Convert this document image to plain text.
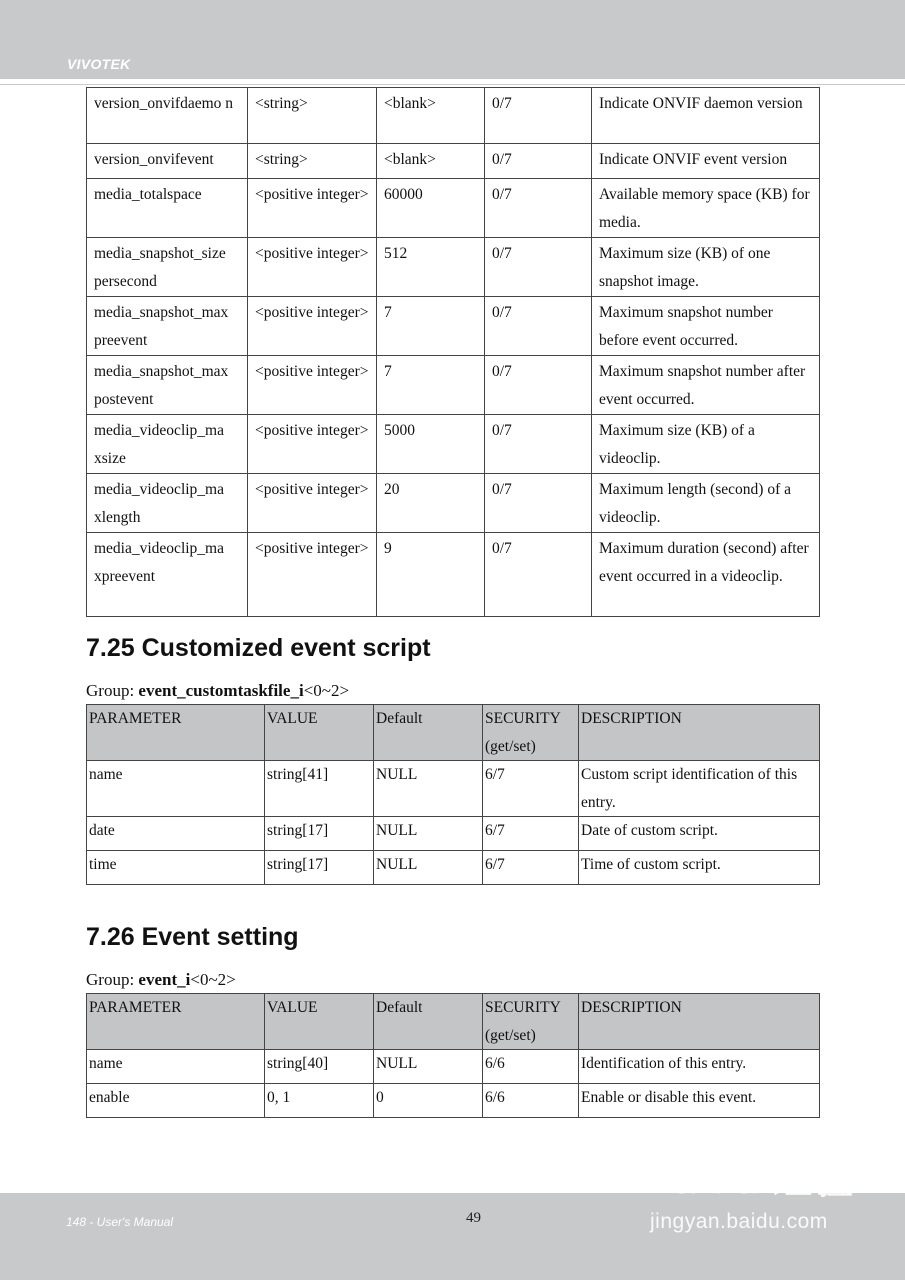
VIVOTEK
version_onvifdaemo n	<string>	<blank>	0/7	Indicate ONVIF daemon version
version_onvifevent	<string>	<blank>	0/7	Indicate ONVIF event version
media_totalspace	<positive integer>	60000	0/7	Available memory space (KB) for media.
media_snapshot_size persecond	<positive integer>	512	0/7	Maximum size (KB) of one snapshot image.
media_snapshot_max preevent	<positive integer>	7	0/7	Maximum snapshot number before event occurred.
media_snapshot_max postevent	<positive integer>	7	0/7	Maximum snapshot number after event occurred.
media_videoclip_ma xsize	<positive integer>	5000	0/7	Maximum size (KB) of a videoclip.
media_videoclip_ma xlength	<positive integer>	20	0/7	Maximum length (second) of a videoclip.
media_videoclip_ma xpreevent	<positive integer>	9	0/7	Maximum duration (second) after event occurred in a videoclip.
7.25 Customized event script
Group: event_customtaskfile_i<0~2>
PARAMETER	VALUE	Default	SECURITY (get/set)	DESCRIPTION
name	string[41]	NULL	6/7	Custom script identification of this entry.
date	string[17]	NULL	6/7	Date of custom script.
time	string[17]	NULL	6/7	Time of custom script.
7.26 Event setting
Group: event_i<0~2>
PARAMETER	VALUE	Default	SECURITY (get/set)	DESCRIPTION
name	string[40]	NULL	6/6	Identification of this entry.
enable	0, 1	0	6/6	Enable or disable this event.
148 - User's Manual	49
Baidu 经验
jingyan.baidu.com
